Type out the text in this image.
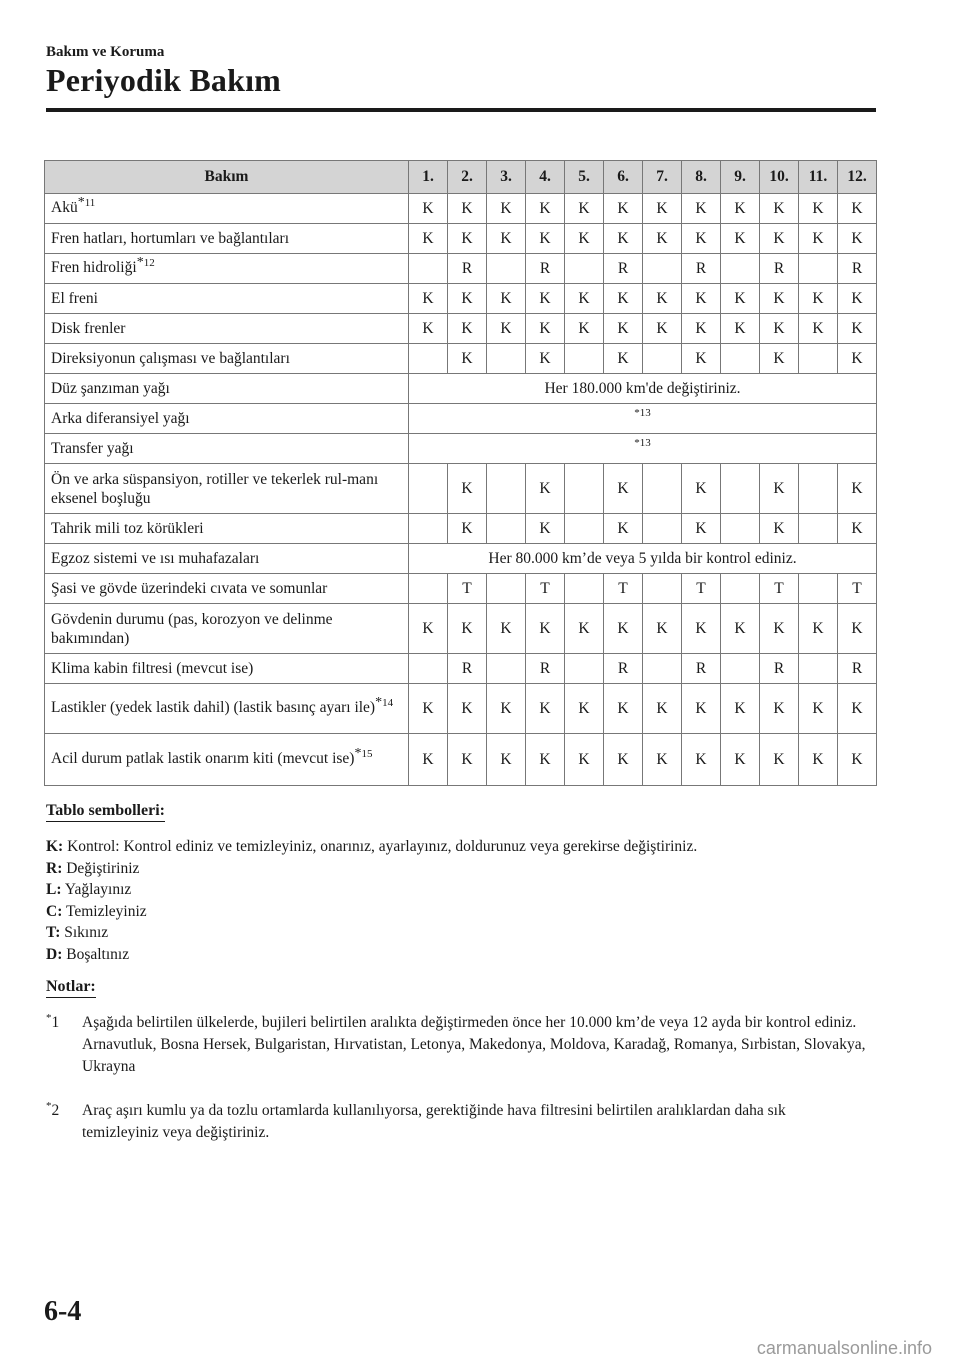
Bakım ve Koruma
Periyodik Bakım
Bakım	1.	2.	3.	4.	5.	6.	7.	8.	9.	10.	11.	12.
Akü$^{*11}$	K	K	K	K	K	K	K	K	K	K	K	K
Fren hatları, hortumları ve bağlantıları	K	K	K	K	K	K	K	K	K	K	K	K
Fren hidroliği$^{*12}$		R		R		R		R		R		R
El freni	K	K	K	K	K	K	K	K	K	K	K	K
Disk frenler	K	K	K	K	K	K	K	K	K	K	K	K
Direksiyonun çalışması ve bağlantıları		K		K		K		K		K		K
Düz şanzıman yağı	Her 180.000 km'de değiştiriniz.											
Arka diferansiyel yağı	*13											
Transfer yağı	*13											
Ön ve arka süspansiyon, rotiller ve tekerlek rul-manı eksenel boşluğu		K		K		K		K		K		K
Tahrik mili toz körükleri		K		K		K		K		K		K
Egzoz sistemi ve ısı muhafazaları	Her 80.000 km’de veya 5 yılda bir kontrol ediniz.											
Şasi ve gövde üzerindeki cıvata ve somunlar		T		T		T		T		T		T
Gövdenin durumu (pas, korozyon ve delinme bakımından)	K	K	K	K	K	K	K	K	K	K	K	K
Klima kabin filtresi (mevcut ise)		R		R		R		R		R		R
Lastikler (yedek lastik dahil) (lastik basınç ayarı ile)$^{*14}$	K	K	K	K	K	K	K	K	K	K	K	K
Acil durum patlak lastik onarım kiti (mevcut ise)$^{*15}$	K	K	K	K	K	K	K	K	K	K	K	K
Tablo sembolleri:
K: Kontrol: Kontrol ediniz ve temizleyiniz, onarınız, ayarlayınız, doldurunuz veya gerekirse değiştiriniz.
R: Değiştiriniz
L: Yağlayınız
C: Temizleyiniz
T: Sıkınız
D: Boşaltınız
Notlar:
*1 Aşağıda belirtilen ülkelerde, bujileri belirtilen aralıkta değiştirmeden önce her 10.000 km’de veya 12 ayda bir kontrol ediniz.
Arnavutluk, Bosna Hersek, Bulgaristan, Hırvatistan, Letonya, Makedonya, Moldova, Karadağ, Romanya, Sırbistan, Slovakya, Ukrayna
*2 Araç aşırı kumlu ya da tozlu ortamlarda kullanılıyorsa, gerektiğinde hava filtresini belirtilen aralıklardan daha sık temizleyiniz veya değiştiriniz.
6-4
carmanualsonline.info
